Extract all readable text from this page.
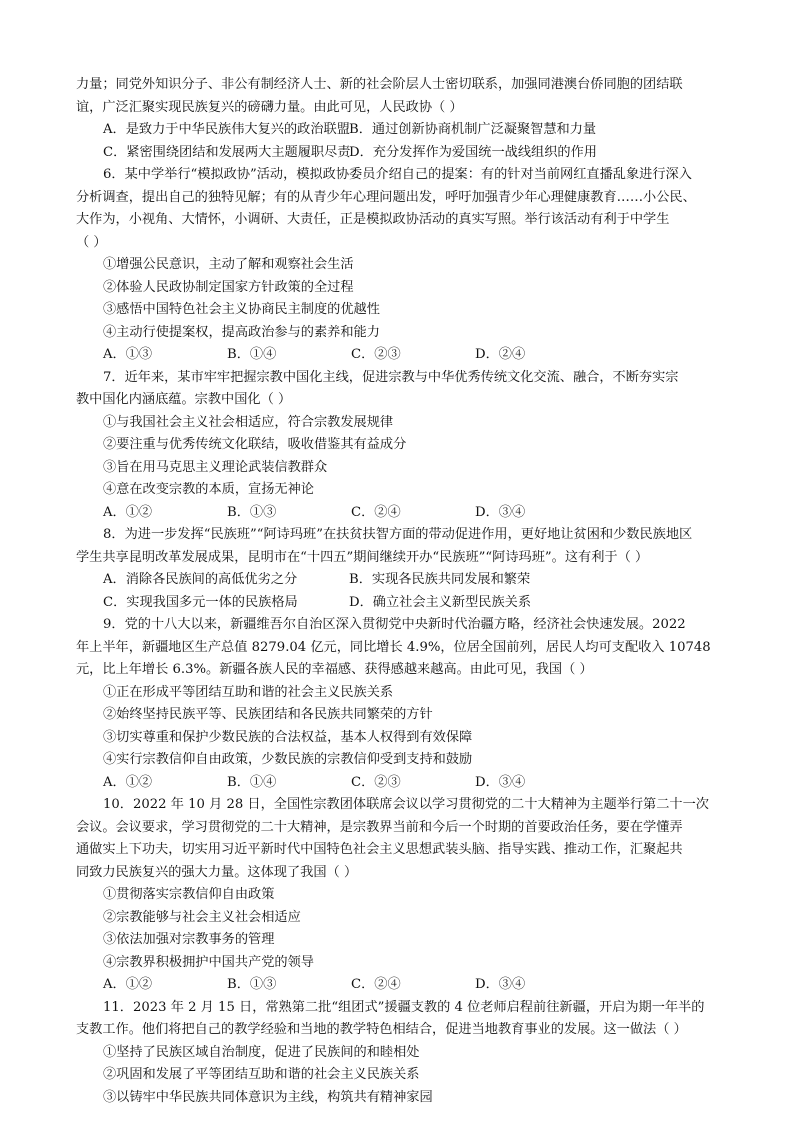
力量；同党外知识分子、非公有制经济人士、新的社会阶层人士密切联系，加强同港澳台侨同胞的团结联
谊，广泛汇聚实现民族复兴的磅礴力量。由此可见，人民政协（ ）
A．是致力于中华民族伟大复兴的政治联盟 B．通过创新协商机制广泛凝聚智慧和力量
C．紧密围绕团结和发展两大主题履职尽责
D．充分发挥作为爱国统一战线组织的作用
6．某中学举行“模拟政协”活动，模拟政协委员介绍自己的提案：有的针对当前网红直播乱象进行深入
分析调查，提出自己的独特见解；有的从青少年心理问题出发，呼吁加强青少年心理健康教育……小公民、
大作为，小视角、大情怀，小调研、大责任，正是模拟政协活动的真实写照。举行该活动有利于中学生
（ ）
①增强公民意识，主动了解和观察社会生活
②体验人民政协制定国家方针政策的全过程
③感悟中国特色社会主义协商民主制度的优越性
④主动行使提案权，提高政治参与的素养和能力
A．①③	B．①④	C．②③	D．②④
7．近年来，某市牢牢把握宗教中国化主线，促进宗教与中华优秀传统文化交流、融合，不断夯实宗
教中国化内涵底蕴。宗教中国化（ ）
①与我国社会主义社会相适应，符合宗教发展规律
②要注重与优秀传统文化联结，吸收借鉴其有益成分
③旨在用马克思主义理论武装信教群众
④意在改变宗教的本质，宣扬无神论
A．①②	B．①③	C．②④	D．③④
8．为进一步发挥“民族班”“阿诗玛班”在扶贫扶智方面的带动促进作用，更好地让贫困和少数民族地区
学生共享昆明改革发展成果，昆明市在“十四五”期间继续开办“民族班”“阿诗玛班”。这有利于（ ）
A．消除各民族间的高低优劣之分	B．实现各民族共同发展和繁荣
C．实现我国多元一体的民族格局	D．确立社会主义新型民族关系
9．党的十八大以来，新疆维吾尔自治区深入贯彻党中央新时代治疆方略，经济社会快速发展。2022
年上半年，新疆地区生产总值 8279.04 亿元，同比增长 4.9%，位居全国前列，居民人均可支配收入 10748
元，比上年增长 6.3%。新疆各族人民的幸福感、获得感越来越高。由此可见，我国（ ）
①正在形成平等团结互助和谐的社会主义民族关系
②始终坚持民族平等、民族团结和各民族共同繁荣的方针
③切实尊重和保护少数民族的合法权益，基本人权得到有效保障
④实行宗教信仰自由政策，少数民族的宗教信仰受到支持和鼓励
A．①②	B．①④	C．②③	D．③④
10．2022 年 10 月 28 日，全国性宗教团体联席会议以学习贯彻党的二十大精神为主题举行第二十一次
会议。会议要求，学习贯彻党的二十大精神，是宗教界当前和今后一个时期的首要政治任务，要在学懂弄
通做实上下功夫，切实用习近平新时代中国特色社会主义思想武装头脑、指导实践、推动工作，汇聚起共
同致力民族复兴的强大力量。这体现了我国（ ）
①贯彻落实宗教信仰自由政策
②宗教能够与社会主义社会相适应
③依法加强对宗教事务的管理
④宗教界积极拥护中国共产党的领导
A．①②	B．①③	C．②④	D．③④
11．2023 年 2 月 15 日，常熟第二批“组团式”援疆支教的 4 位老师启程前往新疆，开启为期一年半的
支教工作。他们将把自己的教学经验和当地的教学特色相结合，促进当地教育事业的发展。这一做法（ ）
①坚持了民族区域自治制度，促进了民族间的和睦相处
②巩固和发展了平等团结互助和谐的社会主义民族关系
③以铸牢中华民族共同体意识为主线，构筑共有精神家园
